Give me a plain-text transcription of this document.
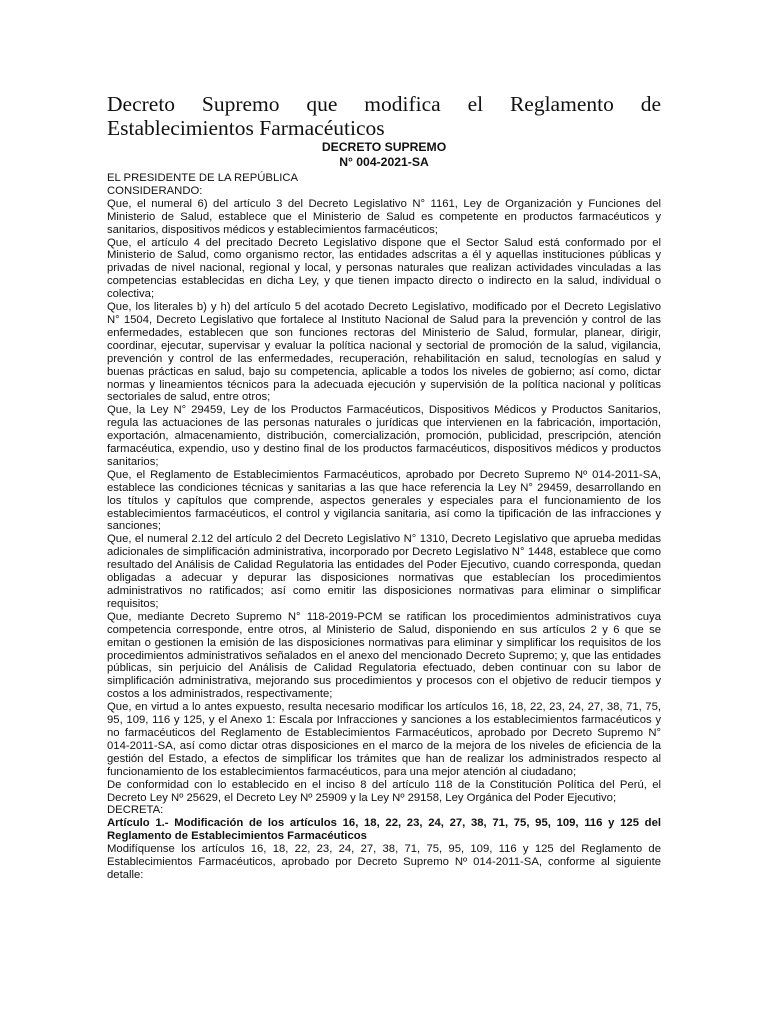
Decreto Supremo que modifica el Reglamento de Establecimientos Farmacéuticos
DECRETO SUPREMO
N° 004-2021-SA

EL PRESIDENTE DE LA REPÚBLICA

CONSIDERANDO:

Que, el numeral 6) del artículo 3 del Decreto Legislativo N° 1161, Ley de Organización y Funciones del Ministerio de Salud, establece que el Ministerio de Salud es competente en productos farmacéuticos y sanitarios, dispositivos médicos y establecimientos farmacéuticos;

Que, el artículo 4 del precitado Decreto Legislativo dispone que el Sector Salud está conformado por el Ministerio de Salud, como organismo rector, las entidades adscritas a él y aquellas instituciones públicas y privadas de nivel nacional, regional y local, y personas naturales que realizan actividades vinculadas a las competencias establecidas en dicha Ley, y que tienen impacto directo o indirecto en la salud, individual o colectiva;

Que, los literales b) y h) del artículo 5 del acotado Decreto Legislativo, modificado por el Decreto Legislativo N° 1504, Decreto Legislativo que fortalece al Instituto Nacional de Salud para la prevención y control de las enfermedades, establecen que son funciones rectoras del Ministerio de Salud, formular, planear, dirigir, coordinar, ejecutar, supervisar y evaluar la política nacional y sectorial de promoción de la salud, vigilancia, prevención y control de las enfermedades, recuperación, rehabilitación en salud, tecnologías en salud y buenas prácticas en salud, bajo su competencia, aplicable a todos los niveles de gobierno; así como, dictar normas y lineamientos técnicos para la adecuada ejecución y supervisión de la política nacional y políticas sectoriales de salud, entre otros;

Que, la Ley N° 29459, Ley de los Productos Farmacéuticos, Dispositivos Médicos y Productos Sanitarios, regula las actuaciones de las personas naturales o jurídicas que intervienen en la fabricación, importación, exportación, almacenamiento, distribución, comercialización, promoción, publicidad, prescripción, atención farmacéutica, expendio, uso y destino final de los productos farmacéuticos, dispositivos médicos y productos sanitarios;

Que, el Reglamento de Establecimientos Farmacéuticos, aprobado por Decreto Supremo Nº 014-2011-SA, establece las condiciones técnicas y sanitarias a las que hace referencia la Ley N° 29459, desarrollando en los títulos y capítulos que comprende, aspectos generales y especiales para el funcionamiento de los establecimientos farmacéuticos, el control y vigilancia sanitaria, así como la tipificación de las infracciones y sanciones;

Que, el numeral 2.12 del artículo 2 del Decreto Legislativo N° 1310, Decreto Legislativo que aprueba medidas adicionales de simplificación administrativa, incorporado por Decreto Legislativo N° 1448, establece que como resultado del Análisis de Calidad Regulatoria las entidades del Poder Ejecutivo, cuando corresponda, quedan obligadas a adecuar y depurar las disposiciones normativas que establecían los procedimientos administrativos no ratificados; así como emitir las disposiciones normativas para eliminar o simplificar requisitos;

Que, mediante Decreto Supremo N° 118-2019-PCM se ratifican los procedimientos administrativos cuya competencia corresponde, entre otros, al Ministerio de Salud, disponiendo en sus artículos 2 y 6 que se emitan o gestionen la emisión de las disposiciones normativas para eliminar y simplificar los requisitos de los procedimientos administrativos señalados en el anexo del mencionado Decreto Supremo; y, que las entidades públicas, sin perjuicio del Análisis de Calidad Regulatoria efectuado, deben continuar con su labor de simplificación administrativa, mejorando sus procedimientos y procesos con el objetivo de reducir tiempos y costos a los administrados, respectivamente;

Que, en virtud a lo antes expuesto, resulta necesario modificar los artículos 16, 18, 22, 23, 24, 27, 38, 71, 75, 95, 109, 116 y 125, y el Anexo 1: Escala por Infracciones y sanciones a los establecimientos farmacéuticos y no farmacéuticos del Reglamento de Establecimientos Farmacéuticos, aprobado por Decreto Supremo N° 014-2011-SA, así como dictar otras disposiciones en el marco de la mejora de los niveles de eficiencia de la gestión del Estado, a efectos de simplificar los trámites que han de realizar los administrados respecto al funcionamiento de los establecimientos farmacéuticos, para una mejor atención al ciudadano;

De conformidad con lo establecido en el inciso 8 del artículo 118 de la Constitución Política del Perú, el Decreto Ley Nº 25629, el Decreto Ley Nº 25909 y la Ley Nº 29158, Ley Orgánica del Poder Ejecutivo;

DECRETA:

Artículo 1.- Modificación de los artículos 16, 18, 22, 23, 24, 27, 38, 71, 75, 95, 109, 116 y 125 del Reglamento de Establecimientos Farmacéuticos

Modifíquense los artículos 16, 18, 22, 23, 24, 27, 38, 71, 75, 95, 109, 116 y 125 del Reglamento de Establecimientos Farmacéuticos, aprobado por Decreto Supremo Nº 014-2011-SA, conforme al siguiente detalle:
